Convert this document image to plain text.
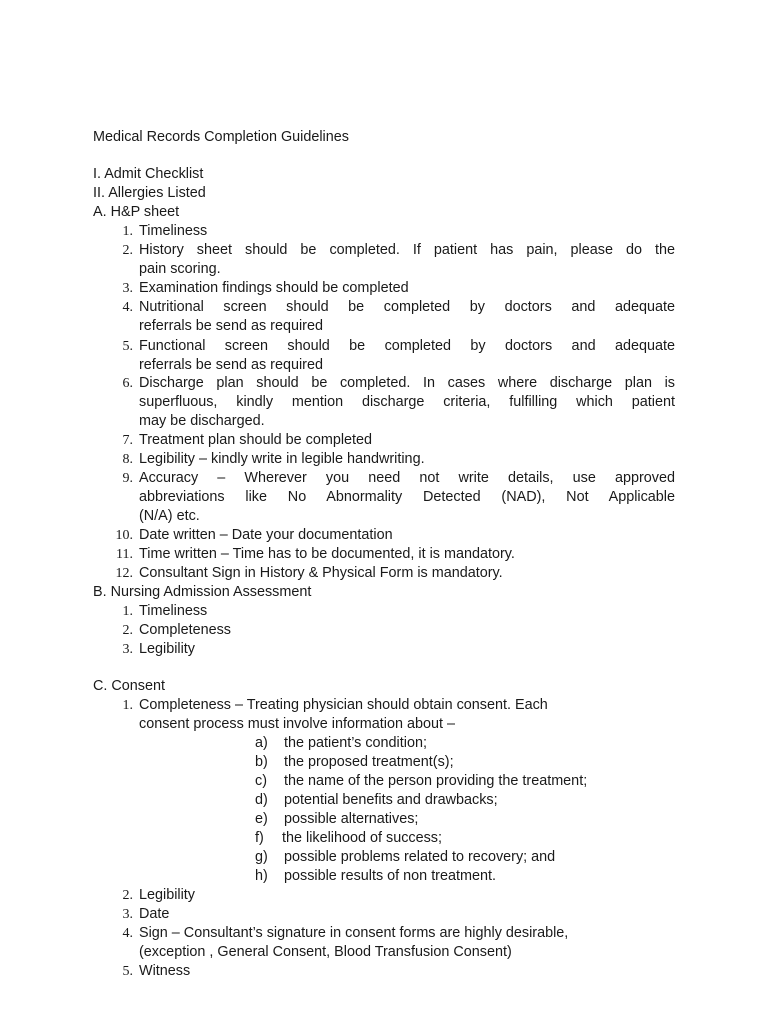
Medical Records Completion Guidelines
I. Admit Checklist
II. Allergies Listed
A. H&P sheet
1. Timeliness
2. History sheet should be completed. If patient has pain, please do the
pain scoring.
3. Examination findings should be completed
4. Nutritional screen should be completed by doctors and adequate
referrals be send as required
5. Functional screen should be completed by doctors and adequate
referrals be send as required
6. Discharge plan should be completed. In cases where discharge plan is
superfluous, kindly mention discharge criteria, fulfilling which patient
may be discharged.
7. Treatment plan should be completed
8. Legibility – kindly write in legible handwriting.
9. Accuracy – Wherever you need not write details, use approved
abbreviations like No Abnormality Detected (NAD), Not Applicable
(N/A) etc.
10. Date written – Date your documentation
11. Time written – Time has to be documented, it is mandatory.
12. Consultant Sign in History & Physical Form is mandatory.
B. Nursing Admission Assessment
1. Timeliness
2. Completeness
3. Legibility
C. Consent
1. Completeness – Treating physician should obtain consent. Each
consent process must involve information about –
a) the patient’s condition;
b) the proposed treatment(s);
c) the name of the person providing the treatment;
d) potential benefits and drawbacks;
e) possible alternatives;
f) the likelihood of success;
g) possible problems related to recovery; and
h) possible results of non treatment.
2. Legibility
3. Date
4. Sign – Consultant’s signature in consent forms are highly desirable,
(exception , General Consent, Blood Transfusion Consent)
5. Witness
